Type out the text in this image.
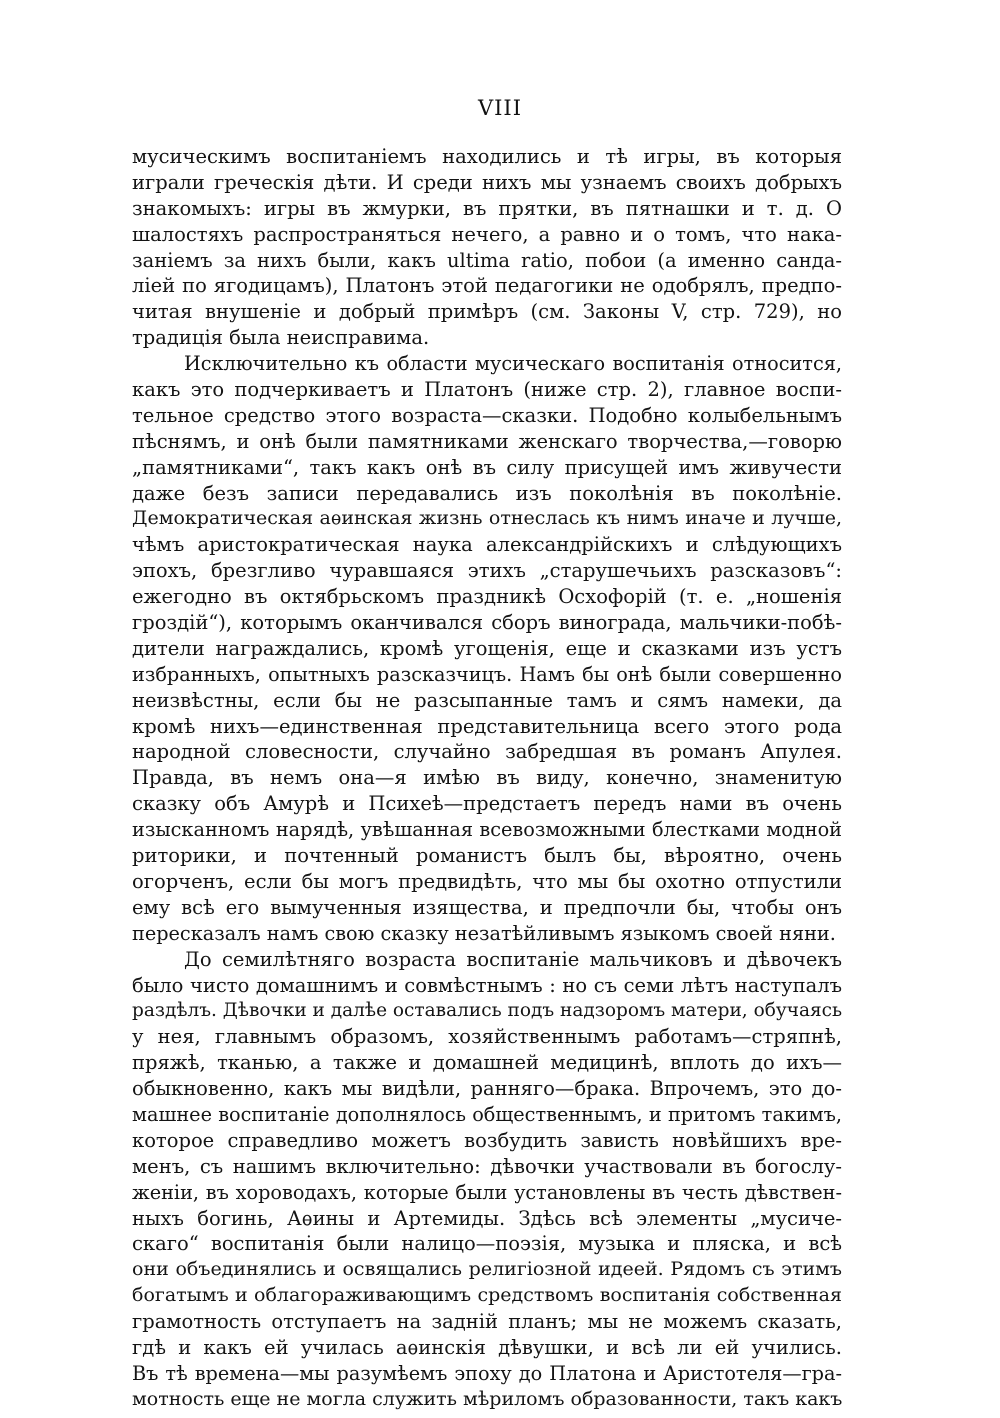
VIII
мусическимъ воспитаніемъ находились и тѣ игры, въ которыя
играли греческія дѣти. И среди нихъ мы узнаемъ своихъ добрыхъ
знакомыхъ: игры въ жмурки, въ прятки, въ пятнашки и т. д. О
шалостяхъ распространяться нечего, а равно и о томъ, что нака-
заніемъ за нихъ были, какъ ultima ratio, побои (а именно санда-
ліей по ягодицамъ), Платонъ этой педагогики не одобрялъ, предпо-
читая внушеніе и добрый примѣръ (см. Законы V, стр. 729), но
традиція была неисправима.
Исключительно къ области мусическаго воспитанія относится,
какъ это подчеркиваетъ и Платонъ (ниже стр. 2), главное воспи-
тельное средство этого возраста—сказки. Подобно колыбельнымъ
пѣснямъ, и онѣ были памятниками женскаго творчества,—говорю
„памятниками“, такъ какъ онѣ въ силу присущей имъ живучести
даже безъ записи передавались изъ поколѣнія въ поколѣніе.
Демократическая аѳинская жизнь отнеслась къ нимъ иначе и лучше,
чѣмъ аристократическая наука александрійскихъ и слѣдующихъ
эпохъ, брезгливо чуравшаяся этихъ „старушечьихъ разсказовъ“:
ежегодно въ октябрьскомъ праздникѣ Осхофорій (т. е. „ношенія
гроздій“), которымъ оканчивался сборъ винограда, мальчики-побѣ-
дители награждались, кромѣ угощенія, еще и сказками изъ устъ
избранныхъ, опытныхъ разсказчицъ. Намъ бы онѣ были совершенно
неизвѣстны, если бы не разсыпанные тамъ и сямъ намеки, да
кромѣ нихъ—единственная представительница всего этого рода
народной словесности, случайно забредшая въ романъ Апулея.
Правда, въ немъ она—я имѣю въ виду, конечно, знаменитую
сказку объ Амурѣ и Психеѣ—предстаетъ передъ нами въ очень
изысканномъ нарядѣ, увѣшанная всевозможными блестками модной
риторики, и почтенный романистъ былъ бы, вѣроятно, очень
огорченъ, если бы могъ предвидѣть, что мы бы охотно отпустили
ему всѣ его вымученныя изящества, и предпочли бы, чтобы онъ
пересказалъ намъ свою сказку незатѣйливымъ языкомъ своей няни.
До семилѣтняго возраста воспитаніе мальчиковъ и дѣвочекъ
было чисто домашнимъ и совмѣстнымъ : но съ семи лѣтъ наступалъ
раздѣлъ. Дѣвочки и далѣе оставались подъ надзоромъ матери, обучаясь
у нея, главнымъ образомъ, хозяйственнымъ работамъ—стряпнѣ,
пряжѣ, тканью, а также и домашней медицинѣ, вплоть до ихъ—
обыкновенно, какъ мы видѣли, ранняго—брака. Впрочемъ, это до-
машнее воспитаніе дополнялось общественнымъ, и притомъ такимъ,
которое справедливо можетъ возбудить зависть новѣйшихъ вре-
менъ, съ нашимъ включительно: дѣвочки участвовали въ богослу-
женіи, въ хороводахъ, которые были установлены въ честь дѣвствен-
ныхъ богинь, Аѳины и Артемиды. Здѣсь всѣ элементы „мусиче-
скаго“ воспитанія были налицо—поэзія, музыка и пляска, и всѣ
они объединялись и освящались религіозной идеей. Рядомъ съ этимъ
богатымъ и облагораживающимъ средствомъ воспитанія собственная
грамотность отступаетъ на задній планъ; мы не можемъ сказать,
гдѣ и какъ ей училась аѳинскія дѣвушки, и всѣ ли ей учились.
Въ тѣ времена—мы разумѣемъ эпоху до Платона и Аристотеля—гра-
мотность еще не могла служить мѣриломъ образованности, такъ какъ
